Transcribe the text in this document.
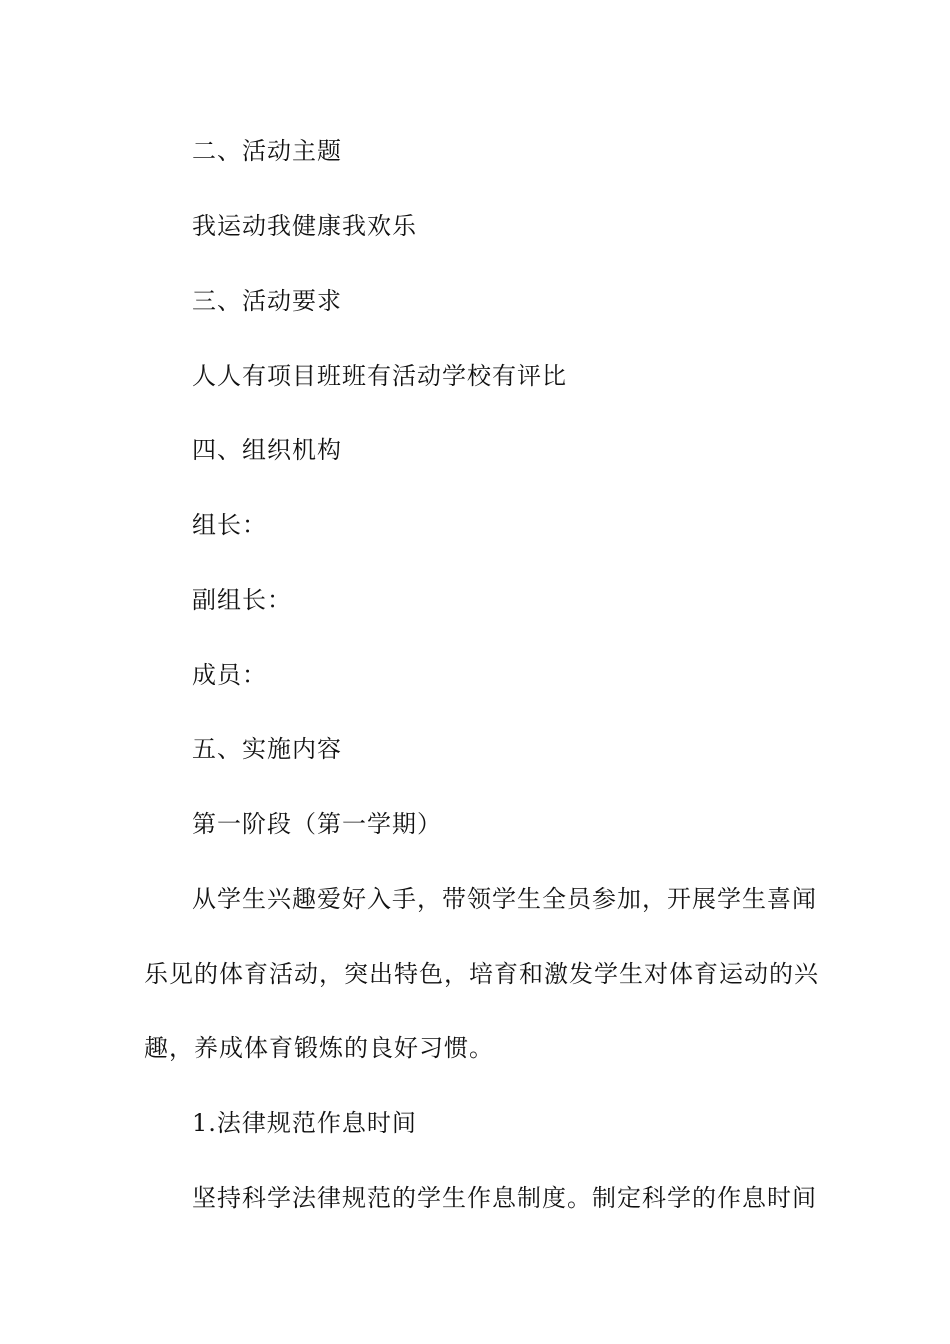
二、活动主题
我运动我健康我欢乐
三、活动要求
人人有项目班班有活动学校有评比
四、组织机构
组长：
副组长：
成员：
五、实施内容
第一阶段（第一学期）
从学生兴趣爱好入手，带领学生全员参加，开展学生喜闻
乐见的体育活动，突出特色，培育和激发学生对体育运动的兴
趣，养成体育锻炼的良好习惯。
1.法律规范作息时间
坚持科学法律规范的学生作息制度。制定科学的作息时间
